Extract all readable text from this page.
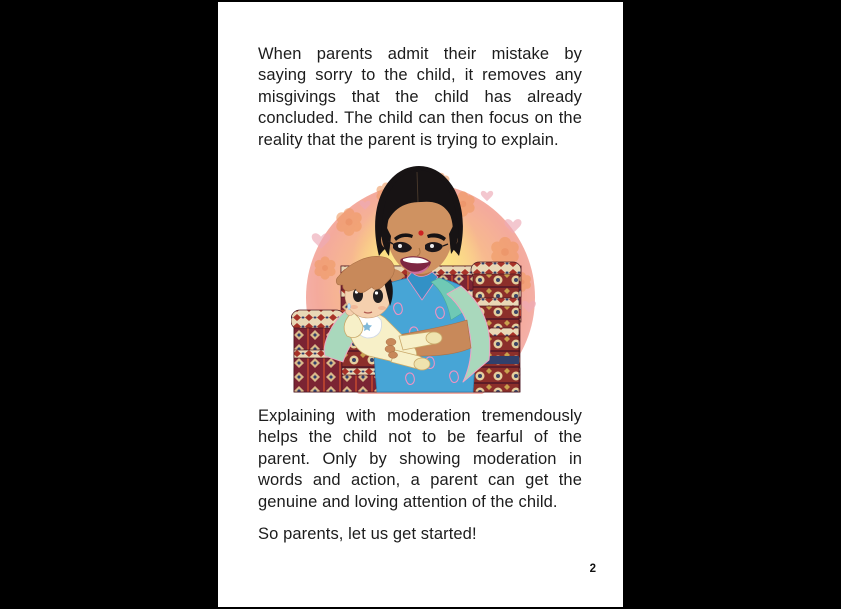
When parents admit their mistake by
saying sorry to the child, it removes any
misgivings that the child has already
concluded. The child can then focus on the
reality that the parent is trying to explain.
Explaining with moderation tremendously
helps the child not to be fearful of the
parent. Only by showing moderation in
words and action, a parent can get the
genuine and loving attention of the child.
So parents, let us get started!
2
